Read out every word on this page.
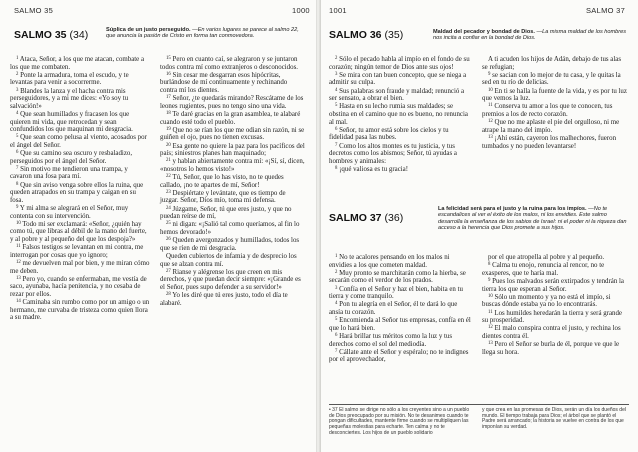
SALMO 35	1000
SALMO 35 (34)	Súplica de un justo perseguido. —En varios lugares se parece al salmo 22, que anuncia la pasión de Cristo en forma tan conmovedora.

$^1$ Ataca, Señor, a los que me atacan, combate a los que me combaten.

$^2$ Ponte la armadura, toma el escudo, y te levantas para venir a socorrerme.

$^3$ Blandes la lanza y el hacha contra mis perseguidores, y a mi me dices: «Yo soy tu salvación!»

$^4$ Que sean humillados y fracasen los que quieren mi vida, que retrocedan y sean confundidos los que maquinan mi desgracia.

$^5$ Que sean como pelusa al viento, acosados por el ángel del Señor.

$^6$ Que su camino sea oscuro y resbaladizo, perseguidos por el ángel del Señor.

$^7$ Sin motivo me tendieron una trampa, y cavaron una fosa para mí.

$^8$ Que sin aviso venga sobre ellos la ruina, que queden atrapados en su trampa y caigan en su fosa.

$^9$ Y mi alma se alegrará en el Señor, muy contenta con su intervención.

$^{10}$ Todo mi ser exclamará: «Señor, ¿quién hay como tú, que libras al débil de la mano del fuerte, y al pobre y al pequeño del que los despoja?»

$^{11}$ Falsos testigos se levantan en mi contra, me interrogan por cosas que yo ignoro;

$^{12}$ me devuelven mal por bien, y me miran cómo me deben.

$^{13}$ Pero yo, cuando se enfermaban, me vestía de saco, ayunaba, hacía penitencia, y no cesaba de rezar por ellos.

$^{14}$ Caminaba sin rumbo como por un amigo o un hermano, me curvaba de tristeza como quien llora a su madre.

$^{15}$ Pero en cuanto caí, se alegraron y se juntaron todos contra mí como extranjeros o desconocidos.

$^{16}$ Sin cesar me desgarran esos hipócritas, burlándose de mí continuamente y rechinando contra mí los dientes.

$^{17}$ Señor, ¿te quedarás mirando? Rescátame de los leones rugientes, pues no tengo sino una vida.

$^{18}$ Te daré gracias en la gran asamblea, te alabaré cuando esté todo el pueblo.

$^{19}$ Que no se rían los que me odian sin razón, ni se guiñen el ojo, pues no tienen excusas.

$^{20}$ Esa gente no quiere la paz para los pacíficos del país; siniestros planes han maquinado;

$^{21}$ y hablan abiertamente contra mí: «¡Sí, sí, dicen, «nosotros lo hemos visto!»

$^{22}$ Tú, Señor, que lo has visto, no te quedes callado, ¡no te apartes de mí, Señor!

$^{23}$ Despiértate y levántate, que es tiempo de juzgar. Señor, Dios mío, toma mi defensa.

$^{24}$ Júzgame, Señor, tú que eres justo, y que no puedan reírse de mí,

$^{25}$ ni digan: «¡Salió tal como queríamos, al fin lo hemos devorado!»

$^{26}$ Queden avergonzados y humillados, todos los que se ríen de mi desgracia.

Queden cubiertos de infamia y de desprecio los que se alzan contra mí.

$^{27}$ Rianse y alégrense los que creen en mis derechos, y que puedan decir siempre: «¡Grande es el Señor, pues supo defender a su servidor!»

$^{28}$ Yo les diré que tú eres justo, todo el día te alabaré.

1001	SALMO 37
SALMO 36 (35)	Maldad del pecador y bondad de Dios. —La misma maldad de los hombres nos incita a confiar en la bondad de Dios.

$^2$ Sólo el pecado habla al impío en el fondo de su corazón; ningún temor de Dios ante sus ojos!

$^3$ Se mira con tan buen concepto, que se niega a admitir su culpa.

$^4$ Sus palabras son fraude y maldad; renunció a ser sensato, a obrar el bien.

$^5$ Hasta en su lecho rumia sus maldades; se obstina en el camino que no es bueno, no renuncia al mal.

$^6$ Señor, tu amor está sobre los cielos y tu fidelidad pasa las nubes.

$^7$ Como los altos montes es tu justicia, y tus decretos como los abismos; Señor, tú ayudas a hombres y animales:

$^8$ ¡qué valiosa es tu gracia!

A ti acuden los hijos de Adán, debajo de tus alas se refugian;

$^9$ se sacian con lo mejor de tu casa, y le quitas la sed en tu río de delicias.

$^{10}$ En ti se halla la fuente de la vida, y es por tu luz que vemos la luz.

$^{11}$ Conserva tu amor a los que te conocen, tus premios a los de recto corazón.

$^{12}$ Que no me aplaste el pie del orgulloso, ni me atrape la mano del impío.

$^{13}$ ¡Ahí están, cayeron los malhechores, fueron tumbados y no pueden levantarse!

SALMO 37 (36)
La felicidad será para el justo y la ruina para los impíos. —No te escandalices al ver el éxito de los malos, ni los envidies. Este salmo desarrolla la enseñanza de los sabios de Israel: ni el poder ni la riqueza dan acceso a la herencia que Dios promete a sus hijos.

$^1$ No te acalores pensando en los malos ni envidies a los que cometen maldad.

$^2$ Muy pronto se marchitarán como la hierba, se secarán como el verdor de los prados.

$^3$ Confía en el Señor y haz el bien, habita en tu tierra y come tranquilo.

$^4$ Pon tu alegría en el Señor, él te dará lo que ansía tu corazón.

$^5$ Encomienda al Señor tus empresas, confía en él que lo hará bien.

$^6$ Hará brillar tus méritos como la luz y tus derechos como el sol del mediodía.

$^7$ Cállate ante el Señor y espéralo; no te indignes por el aprovechador,

por el que atropella al pobre y al pequeño.

$^8$ Calma tu enojo, renuncia al rencor, no te exasperes, que te haría mal.

$^9$ Pues los malvados serán extirpados y tendrán la tierra los que esperan al Señor.

$^{10}$ Sólo un momento y ya no está el impío, si buscas dónde estaba ya no lo encontrarás.

$^{11}$ Los humildes heredarán la tierra y será grande su prosperidad.

$^{12}$ El malo conspira contra el justo, y rechina los dientes contra él.

$^{13}$ Pero el Señor se burla de él, porque ve que le llega su hora.

• 37 El salmo se dirige no sólo a los creyentes sino a un pueblo de Dios preocupado por su misión. No te desanimes cuando te pongan dificultades, mantente firme cuando se multipliquen las pequeñas molestias para echarte. Ten calma y no te desconciertes. Los hijos de un pueblo solidario

y que crea en las promesas de Dios, serán un día los dueños del mundo. El tiempo trabaja para Dios; el árbol que se plantó el Padre será arrancado; la historia se vuelve en contra de los que imponían su verdad.
